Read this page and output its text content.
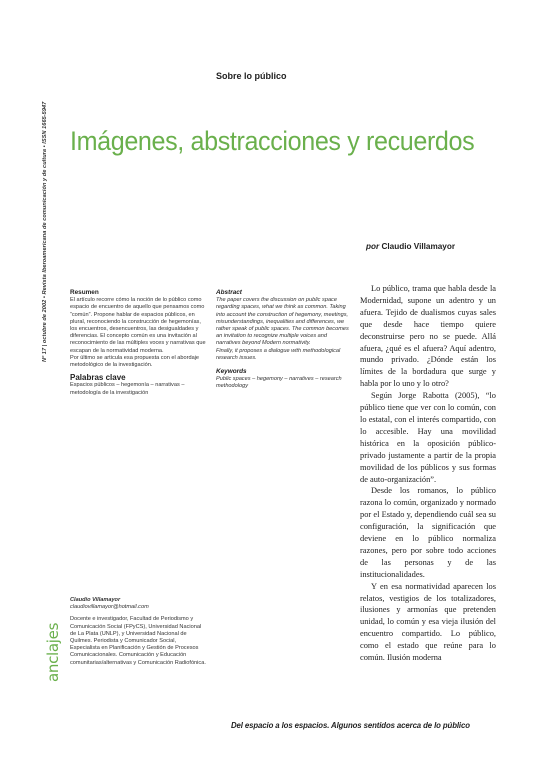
Nº 17 | octubre de 2002 • Revista Iberoamericana de comunicación y de cultura • ISSN 1665-5947
anclajes
Sobre lo público
Imágenes, abstracciones y recuerdos
por Claudio Villamayor
Resumen

El artículo recorre cómo la noción de lo público como espacio de encuentro de aquello que pensamos como “común”. Propone hablar de espacios públicos, en plural, reconociendo la construcción de hegemonías, los encuentros, desencuentros, las desigualdades y diferencias. El concepto común es una invitación al reconocimiento de las múltiples voces y narrativas que escapan de la normatividad moderna.

Por último se articula esa propuesta con el abordaje metodológico de la investigación.

Palabras clave

Espacios públicos – hegemonía – narrativas – metodología de la investigación

Abstract

The paper covers the discussion on public space regarding spaces, what we think as common. Taking into account the construction of hegemony, meetings, misunderstandings, inequalities and differences, we rather speak of public spaces. The common becomes an invitation to recognize multiple voices and narratives beyond Modern normativity.

Finally, it proposes a dialogue with methodological research issues.

Keywords

Public spaces – hegemony – narratives – research methodology

Claudio Villamayor

claudiovillamayor@hotmail.com

Docente e investigador, Facultad de Periodismo y Comunicación Social (FPyCS), Universidad Nacional de La Plata (UNLP), y Universidad Nacional de Quilmes. Periodista y Comunicador Social, Especialista en Planificación y Gestión de Procesos Comunicacionales. Comunicación y Educación comunitarias/alternativas y Comunicación Radiofónica.

Lo público, trama que habla desde la Modernidad, supone un adentro y un afuera. Tejido de dualismos cuyas sales que desde hace tiempo quiere deconstruirse pero no se puede. Allá afuera, ¿qué es el afuera? Aquí adentro, mundo privado. ¿Dónde están los límites de la bordadura que surge y habla por lo uno y lo otro?

Según Jorge Rabotta (2005), “lo público tiene que ver con lo común, con lo estatal, con el interés compartido, con lo accesible. Hay una movilidad histórica en la oposición público-privado justamente a partir de la propia movilidad de los públicos y sus formas de auto-organización”.

Desde los romanos, lo público razona lo común, organizado y normado por el Estado y, dependiendo cuál sea su configuración, la significación que deviene en lo público normaliza razones, pero por sobre todo acciones de las personas y de las institucionalidades.

Y en esa normatividad aparecen los relatos, vestigios de los totalizadores, ilusiones y armonías que pretenden unidad, lo común y esa vieja ilusión del encuentro compartido. Lo público, como el estado que reúne para lo común. Ilusión moderna

Del espacio a los espacios. Algunos sentidos acerca de lo público
